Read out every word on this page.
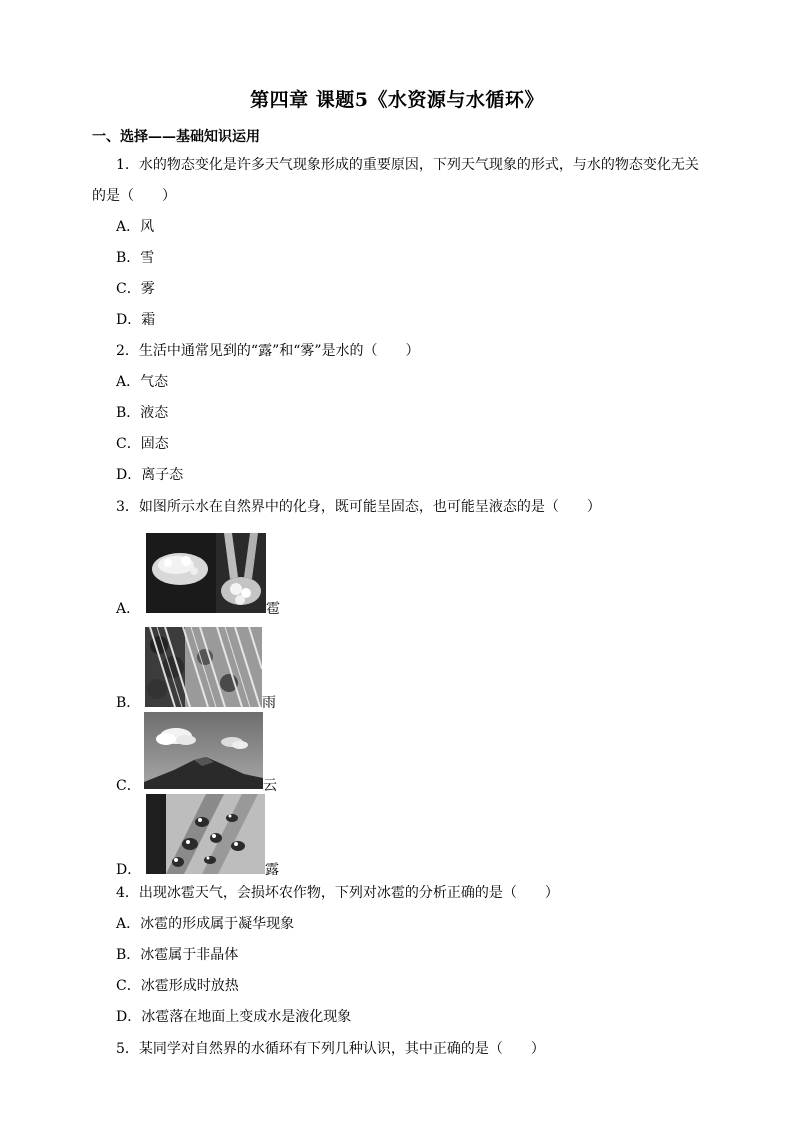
第四章 课题5《水资源与水循环》
一、选择——基础知识运用
1．水的物态变化是许多天气现象形成的重要原因，下列天气现象的形式，与水的物态变化无关
的是（　　）
A．风
B．雪
C．雾
D．霜
2．生活中通常见到的“露”和“雾”是水的（　　）
A．气态
B．液态
C．固态
D．离子态
3．如图所示水在自然界中的化身，既可能呈固态，也可能呈液态的是（　　）
A．	雹
B．	雨
C．	云
D．	露
4．出现冰雹天气，会损坏农作物，下列对冰雹的分析正确的是（　　）
A．冰雹的形成属于凝华现象
B．冰雹属于非晶体
C．冰雹形成时放热
D．冰雹落在地面上变成水是液化现象
5．某同学对自然界的水循环有下列几种认识，其中正确的是（　　）
